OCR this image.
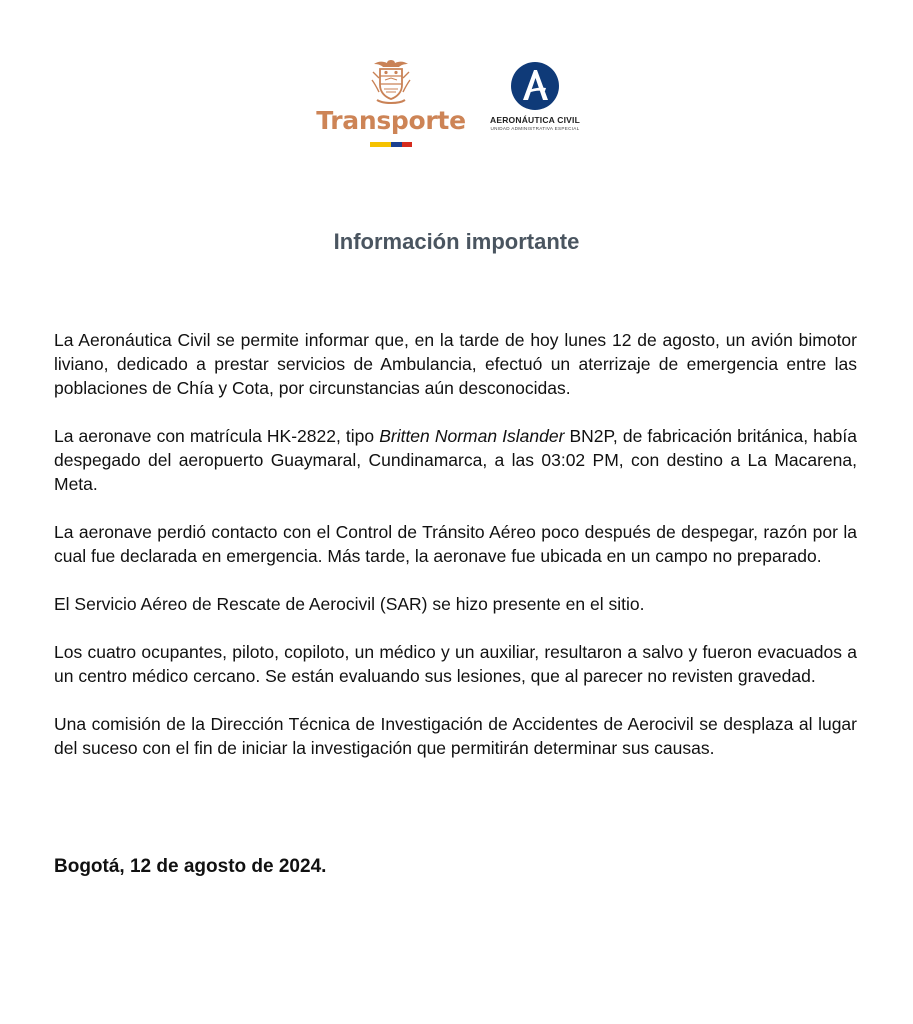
Transporte	AERONÁUTICA CIVIL
UNIDAD ADMINISTRATIVA ESPECIAL
Información importante

La Aeronáutica Civil se permite informar que, en la tarde de hoy lunes 12 de agosto, un avión bimotor liviano, dedicado a prestar servicios de Ambulancia, efectuó un aterrizaje de emergencia entre las poblaciones de Chía y Cota, por circunstancias aún desconocidas.

La aeronave con matrícula HK-2822, tipo Britten Norman Islander BN2P, de fabricación británica, había despegado del aeropuerto Guaymaral, Cundinamarca, a las 03:02 PM, con destino a La Macarena, Meta.

La aeronave perdió contacto con el Control de Tránsito Aéreo poco después de despegar, razón por la cual fue declarada en emergencia. Más tarde, la aeronave fue ubicada en un campo no preparado.

El Servicio Aéreo de Rescate de Aerocivil (SAR) se hizo presente en el sitio.

Los cuatro ocupantes, piloto, copiloto, un médico y un auxiliar, resultaron a salvo y fueron evacuados a un centro médico cercano. Se están evaluando sus lesiones, que al parecer no revisten gravedad.

Una comisión de la Dirección Técnica de Investigación de Accidentes de Aerocivil se desplaza al lugar del suceso con el fin de iniciar la investigación que permitirán determinar sus causas.

Bogotá, 12 de agosto de 2024.
